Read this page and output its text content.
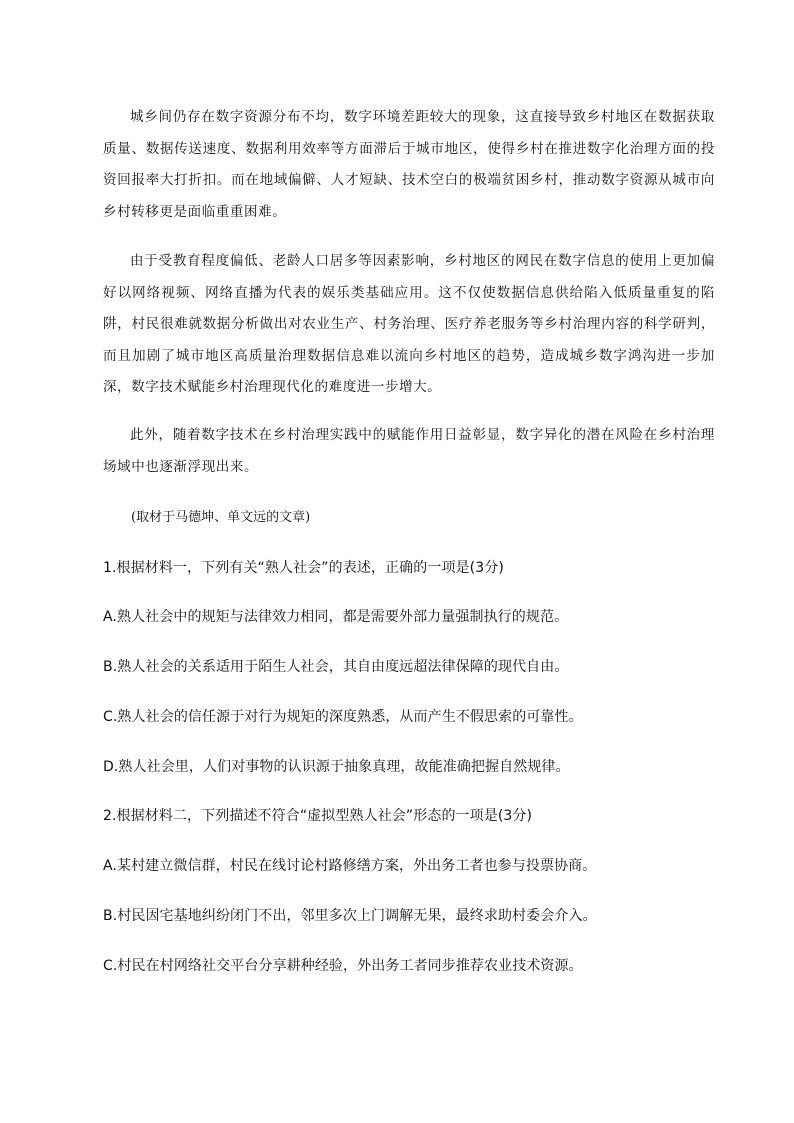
城乡间仍存在数字资源分布不均，数字环境差距较大的现象，这直接导致乡村地区在数据获取质量、数据传送速度、数据利用效率等方面滞后于城市地区，使得乡村在推进数字化治理方面的投资回报率大打折扣。而在地域偏僻、人才短缺、技术空白的极端贫困乡村，推动数字资源从城市向乡村转移更是面临重重困难。

由于受教育程度偏低、老龄人口居多等因素影响，乡村地区的网民在数字信息的使用上更加偏好以网络视频、网络直播为代表的娱乐类基础应用。这不仅使数据信息供给陷入低质量重复的陷阱，村民很难就数据分析做出对农业生产、村务治理、医疗养老服务等乡村治理内容的科学研判，而且加剧了城市地区高质量治理数据信息难以流向乡村地区的趋势，造成城乡数字鸿沟进一步加深，数字技术赋能乡村治理现代化的难度进一步增大。

此外，随着数字技术在乡村治理实践中的赋能作用日益彰显，数字异化的潜在风险在乡村治理场域中也逐渐浮现出来。

(取材于马德坤、单文远的文章)

1.根据材料一，下列有关“熟人社会”的表述，正确的一项是(3分)

A.熟人社会中的规矩与法律效力相同，都是需要外部力量强制执行的规范。

B.熟人社会的关系适用于陌生人社会，其自由度远超法律保障的现代自由。

C.熟人社会的信任源于对行为规矩的深度熟悉，从而产生不假思索的可靠性。

D.熟人社会里，人们对事物的认识源于抽象真理，故能准确把握自然规律。

2.根据材料二，下列描述不符合“虚拟型熟人社会”形态的一项是(3分)

A.某村建立微信群，村民在线讨论村路修缮方案，外出务工者也参与投票协商。

B.村民因宅基地纠纷闭门不出，邻里多次上门调解无果，最终求助村委会介入。

C.村民在村网络社交平台分享耕种经验，外出务工者同步推荐农业技术资源。
